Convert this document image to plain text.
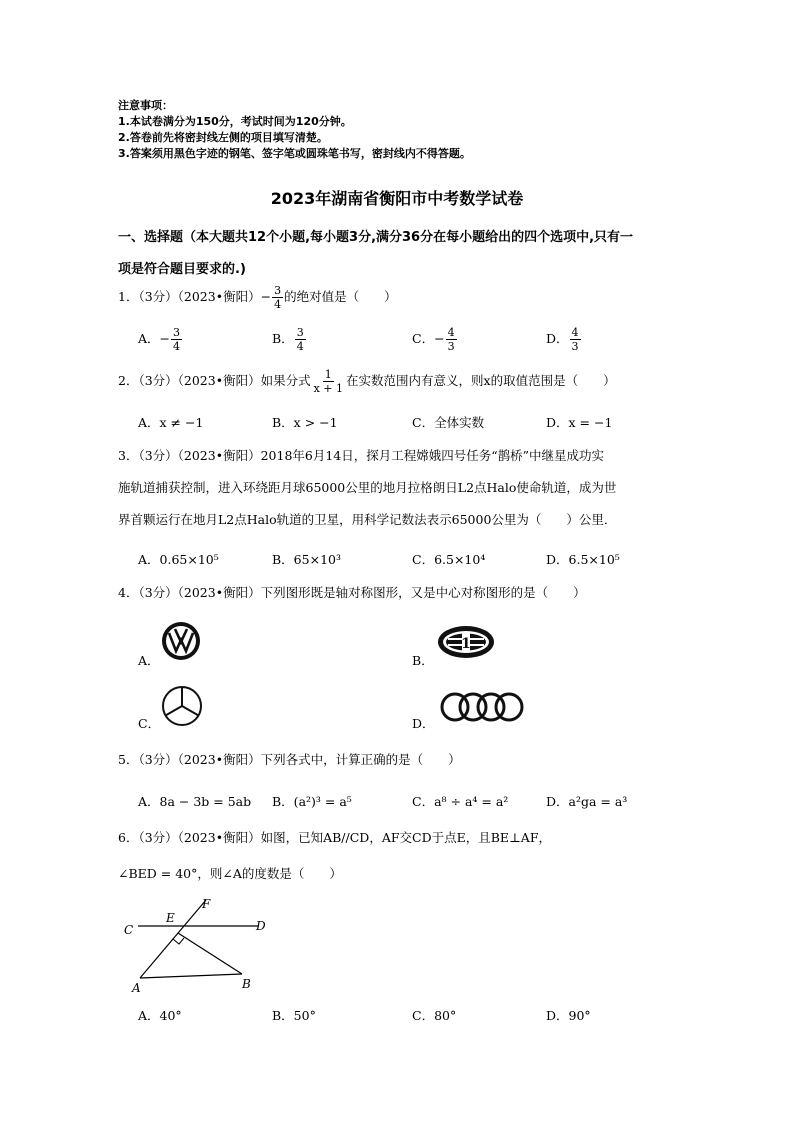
注意事项：
1.本试卷满分为150分，考试时间为120分钟。
2.答卷前先将密封线左侧的项目填写清楚。
3.答案须用黑色字迹的钢笔、签字笔或圆珠笔书写，密封线内不得答题。
2023年湖南省衡阳市中考数学试卷
一、选择题（本大题共12个小题,每小题3分,满分36分在每小题给出的四个选项中,只有一
项是符合题目要求的.)
1．（3分）（2023•衡阳）− $\frac{3}{4}$ 的绝对值是（　　）
A．− $\frac{3}{4}$	B． $\frac{3}{4}$	C．− $\frac{4}{3}$	D． $\frac{4}{3}$
2．（3分）（2023•衡阳）如果分式 $\frac{1}{x + 1}$ 在实数范围内有意义，则x的取值范围是（　　）
A．x ≠ −1	B．x > −1	C．全体实数	D．x = −1
3．（3分）（2023•衡阳）2018年6月14日，探月工程嫦娥四号任务“鹊桥”中继星成功实
施轨道捕获控制，进入环绕距月球65000公里的地月拉格朗日L2点Halo使命轨道，成为世
界首颗运行在地月L2点Halo轨道的卫星，用科学记数法表示65000公里为（　　）公里．
A．0.65×10⁵	B．65×10³	C．6.5×10⁴	D．6.5×10⁵
4．（3分）（2023•衡阳）下列图形既是轴对称图形，又是中心对称图形的是（　　）
A．	B．
1
C．	D．
5．（3分）（2023•衡阳）下列各式中，计算正确的是（　　）
A．8a − 3b = 5ab B．(a²)³ = a⁵	C．a⁸ ÷ a⁴ = a²	D．a²ga = a³
6．（3分）（2023•衡阳）如图，已知AB//CD，AF交CD于点E，且BE⊥AF，
∠BED = 40°，则∠A的度数是（　　）
C
E
F
D
A	B
A．40°	B．50°	C．80°	D．90°
